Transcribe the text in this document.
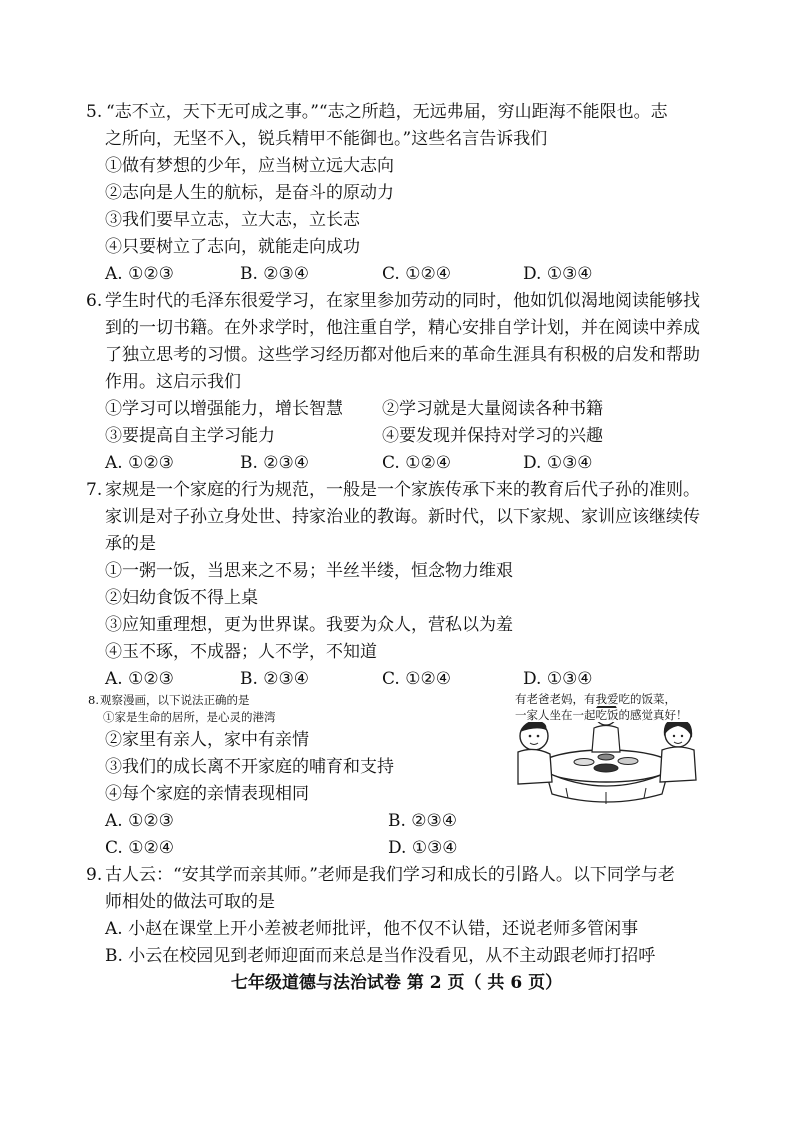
5. “志不立，天下无可成之事。”“志之所趋，无远弗届，穷山距海不能限也。志
之所向，无坚不入，锐兵精甲不能御也。”这些名言告诉我们
①做有梦想的少年，应当树立远大志向
②志向是人生的航标，是奋斗的原动力
③我们要早立志，立大志，立长志
④只要树立了志向，就能走向成功
A. ①②③	B. ②③④	C. ①②④	D. ①③④
6. 学生时代的毛泽东很爱学习，在家里参加劳动的同时，他如饥似渴地阅读能够找
到的一切书籍。在外求学时，他注重自学，精心安排自学计划，并在阅读中养成
了独立思考的习惯。这些学习经历都对他后来的革命生涯具有积极的启发和帮助
作用。这启示我们
①学习可以增强能力，增长智慧 ②学习就是大量阅读各种书籍
③要提高自主学习能力	④要发现并保持对学习的兴趣
A. ①②③	B. ②③④	C. ①②④	D. ①③④
7. 家规是一个家庭的行为规范，一般是一个家族传承下来的教育后代子孙的准则。
家训是对子孙立身处世、持家治业的教诲。新时代，以下家规、家训应该继续传
承的是
①一粥一饭，当思来之不易；半丝半缕，恒念物力维艰
②妇幼食饭不得上桌
③应知重理想，更为世界谋。我要为众人，营私以为羞
④玉不琢，不成器；人不学，不知道
A. ①②③	B. ②③④	C. ①②④	D. ①③④
8. 观察漫画，以下说法正确的是
①家是生命的居所，是心灵的港湾
②家里有亲人，家中有亲情
③我们的成长离不开家庭的哺育和支持
④每个家庭的亲情表现相同
A. ①②③	B. ②③④
C. ①②④	D. ①③④
有老爸老妈，有我爱吃的饭菜，
一家人坐在一起吃饭的感觉真好！
9. 古人云：“安其学而亲其师。”老师是我们学习和成长的引路人。以下同学与老
师相处的做法可取的是
A. 小赵在课堂上开小差被老师批评，他不仅不认错，还说老师多管闲事
B. 小云在校园见到老师迎面而来总是当作没看见，从不主动跟老师打招呼
七年级道德与法治试卷 第 2 页（ 共 6 页）
